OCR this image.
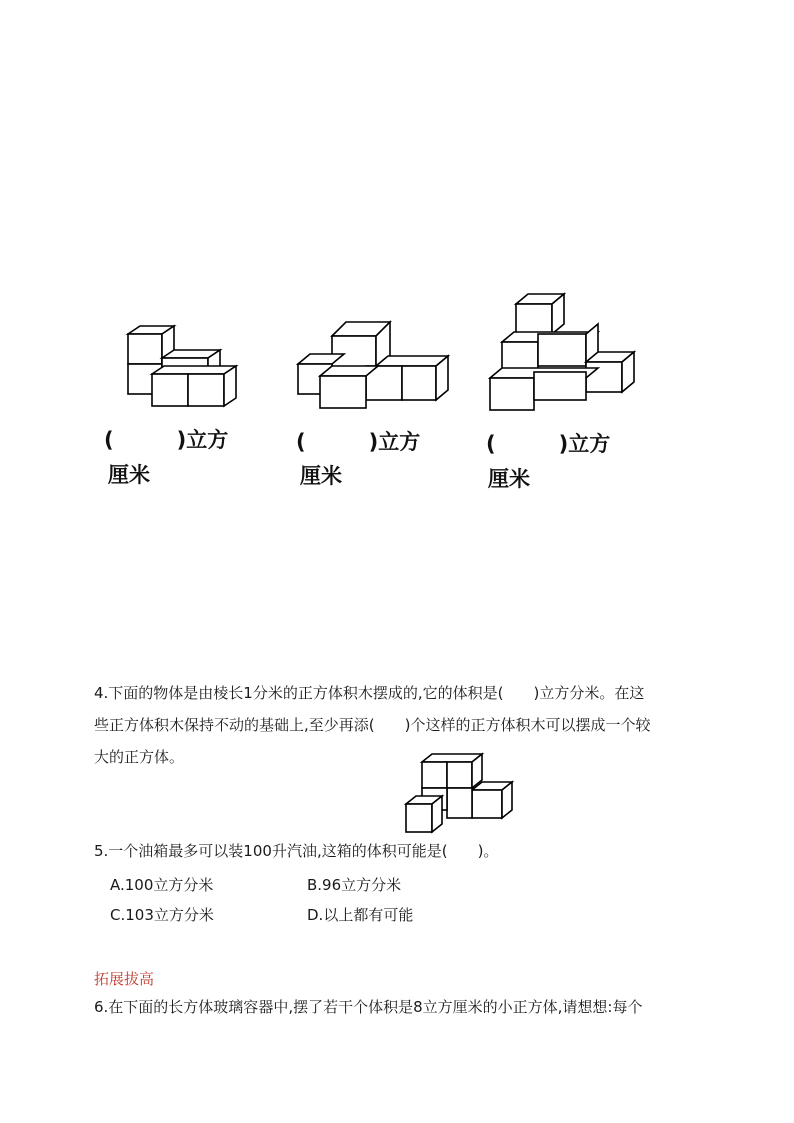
(　　　)立方
厘米
(　　　)立方
厘米
(　　　)立方
厘米
4.下面的物体是由棱长1分米的正方体积木摆成的,它的体积是(　　)立方分米。在这
些正方体积木保持不动的基础上,至少再添(　　)个这样的正方体积木可以摆成一个较
大的正方体。
5.一个油箱最多可以装100升汽油,这箱的体积可能是(　　)。
A.100立方分米	B.96立方分米
C.103立方分米	D.以上都有可能
拓展拔高
6.在下面的长方体玻璃容器中,摆了若干个体积是8立方厘米的小正方体,请想想:每个
